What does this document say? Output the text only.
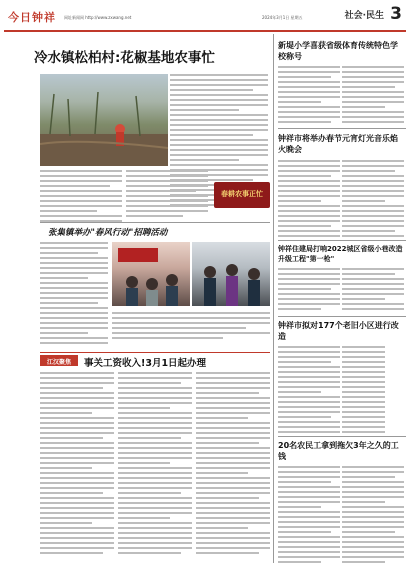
今日钟祥 网址新闻网 http://www.zxwang.net	2024年3月1日 星期五	社会·民生 3
冷水镇松柏村:花椒基地农事忙
春耕农事正忙
张集镇举办"春风行动"招聘活动
江汉聚焦	事关工资收入!3月1日起办理
新堤小学喜获省级体育传统特色学校称号
钟祥市将举办春节元宵灯光音乐焰火晚会
钟祥住建局打响2022城区省级小巷改造升级工程"第一枪"
钟祥市拟对177个老旧小区进行改造
20名农民工拿到拖欠3年之久的工钱
